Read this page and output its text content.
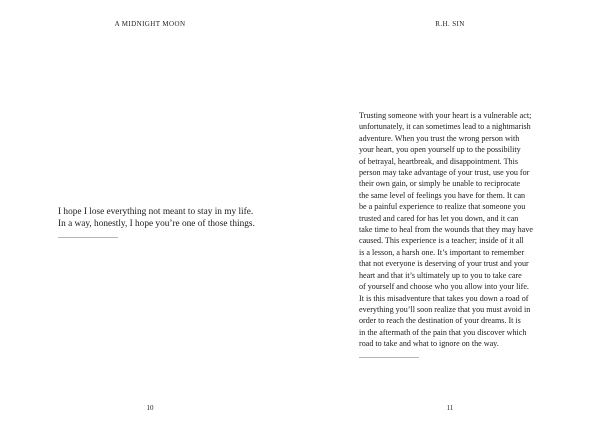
A MIDNIGHT MOON
I hope I lose everything not meant to stay in my life.
In a way, honestly, I hope you’re one of those things.
10
R.H. SIN
11
Trusting someone with your heart is a vulnerable act;
unfortunately, it can sometimes lead to a nightmarish
adventure. When you trust the wrong person with
your heart, you open yourself up to the possibility
of betrayal, heartbreak, and disappointment. This
person may take advantage of your trust, use you for
their own gain, or simply be unable to reciprocate
the same level of feelings you have for them. It can
be a painful experience to realize that someone you
trusted and cared for has let you down, and it can
take time to heal from the wounds that they may have
caused. This experience is a teacher; inside of it all
is a lesson, a harsh one. It’s important to remember
that not everyone is deserving of your trust and your
heart and that it’s ultimately up to you to take care
of yourself and choose who you allow into your life.
It is this misadventure that takes you down a road of
everything you’ll soon realize that you must avoid in
order to reach the destination of your dreams. It is
in the aftermath of the pain that you discover which
road to take and what to ignore on the way.
